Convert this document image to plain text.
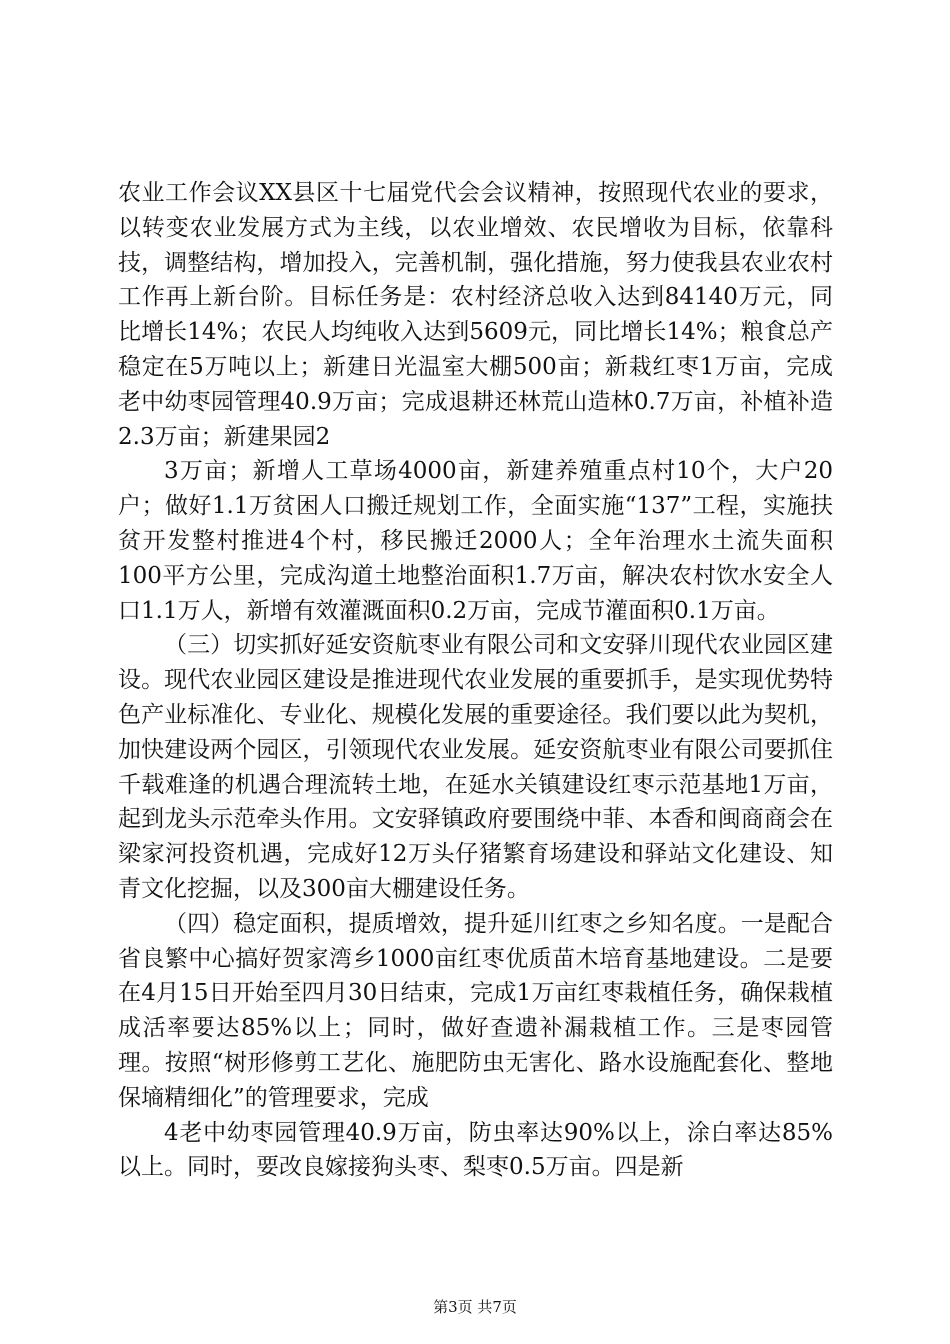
农业工作会议XX县区十七届党代会会议精神，按照现代农业的要求，以转变农业发展方式为主线，以农业增效、农民增收为目标，依靠科技，调整结构，增加投入，完善机制，强化措施，努力使我县农业农村工作再上新台阶。目标任务是：农村经济总收入达到84140万元，同比增长14%；农民人均纯收入达到5609元，同比增长14%；粮食总产稳定在5万吨以上；新建日光温室大棚500亩；新栽红枣1万亩，完成老中幼枣园管理40.9万亩；完成退耕还林荒山造林0.7万亩，补植补造2.3万亩；新建果园2

3万亩；新增人工草场4000亩，新建养殖重点村10个，大户20户；做好1.1万贫困人口搬迁规划工作，全面实施“137”工程，实施扶贫开发整村推进4个村，移民搬迁2000人；全年治理水土流失面积100平方公里，完成沟道土地整治面积1.7万亩，解决农村饮水安全人口1.1万人，新增有效灌溉面积0.2万亩，完成节灌面积0.1万亩。

（三）切实抓好延安资航枣业有限公司和文安驿川现代农业园区建设。现代农业园区建设是推进现代农业发展的重要抓手，是实现优势特色产业标准化、专业化、规模化发展的重要途径。我们要以此为契机，加快建设两个园区，引领现代农业发展。延安资航枣业有限公司要抓住千载难逢的机遇合理流转土地，在延水关镇建设红枣示范基地1万亩，起到龙头示范牵头作用。文安驿镇政府要围绕中菲、本香和闽商商会在梁家河投资机遇，完成好12万头仔猪繁育场建设和驿站文化建设、知青文化挖掘，以及300亩大棚建设任务。

（四）稳定面积，提质增效，提升延川红枣之乡知名度。一是配合省良繁中心搞好贺家湾乡1000亩红枣优质苗木培育基地建设。二是要在4月15日开始至四月30日结束，完成1万亩红枣栽植任务，确保栽植成活率要达85%以上；同时，做好查遗补漏栽植工作。三是枣园管理。按照“树形修剪工艺化、施肥防虫无害化、路水设施配套化、整地保墒精细化”的管理要求，完成

4老中幼枣园管理40.9万亩，防虫率达90%以上，涂白率达85%以上。同时，要改良嫁接狗头枣、梨枣0.5万亩。四是新

第3页 共7页
